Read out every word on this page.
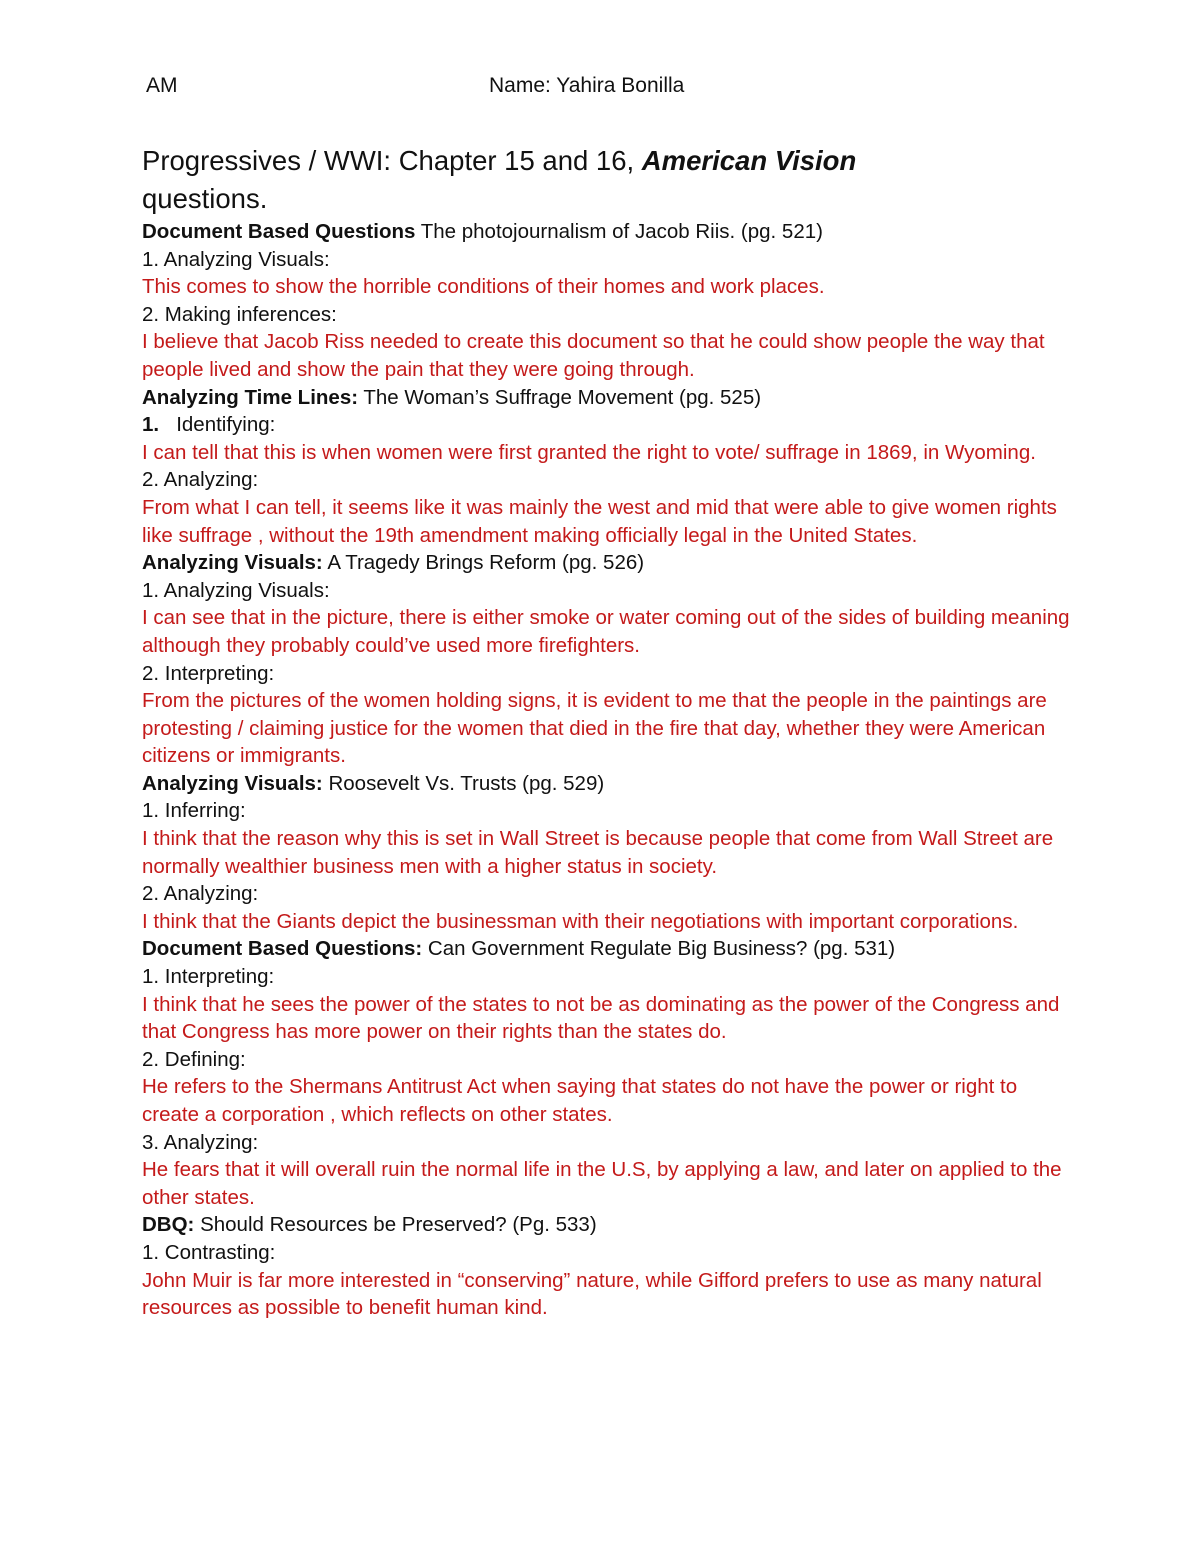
AM	Name: Yahira Bonilla

Progressives / WWI: Chapter 15 and 16, American Vision
questions.

Document Based Questions The photojournalism of Jacob Riis. (pg. 521)

1. Analyzing Visuals:

This comes to show the horrible conditions of their homes and work places.

2. Making inferences:

I believe that Jacob Riss needed to create this document so that he could show people the way that people lived and show the pain that they were going through.

Analyzing Time Lines: The Woman’s Suffrage Movement (pg. 525)

1. Identifying:

I can tell that this is when women were first granted the right to vote/ suffrage in 1869, in Wyoming.

2. Analyzing:

From what I can tell, it seems like it was mainly the west and mid that were able to give women rights like suffrage , without the 19th amendment making officially legal in the United States.

Analyzing Visuals: A Tragedy Brings Reform (pg. 526)

1. Analyzing Visuals:

I can see that in the picture, there is either smoke or water coming out of the sides of building meaning although they probably could’ve used more firefighters.

2. Interpreting:

From the pictures of the women holding signs, it is evident to me that the people in the paintings are protesting / claiming justice for the women that died in the fire that day, whether they were American citizens or immigrants.

Analyzing Visuals: Roosevelt Vs. Trusts (pg. 529)

1. Inferring:

I think that the reason why this is set in Wall Street is because people that come from Wall Street are normally wealthier business men with a higher status in society.

2. Analyzing:

I think that the Giants depict the businessman with their negotiations with important corporations.

Document Based Questions: Can Government Regulate Big Business? (pg. 531)

1. Interpreting:

I think that he sees the power of the states to not be as dominating as the power of the Congress and that Congress has more power on their rights than the states do.

2. Defining:

He refers to the Shermans Antitrust Act when saying that states do not have the power or right to create a corporation , which reflects on other states.

3. Analyzing:

He fears that it will overall ruin the normal life in the U.S, by applying a law, and later on applied to the other states.

DBQ: Should Resources be Preserved? (Pg. 533)

1. Contrasting:

John Muir is far more interested in “conserving” nature, while Gifford prefers to use as many natural resources as possible to benefit human kind.
